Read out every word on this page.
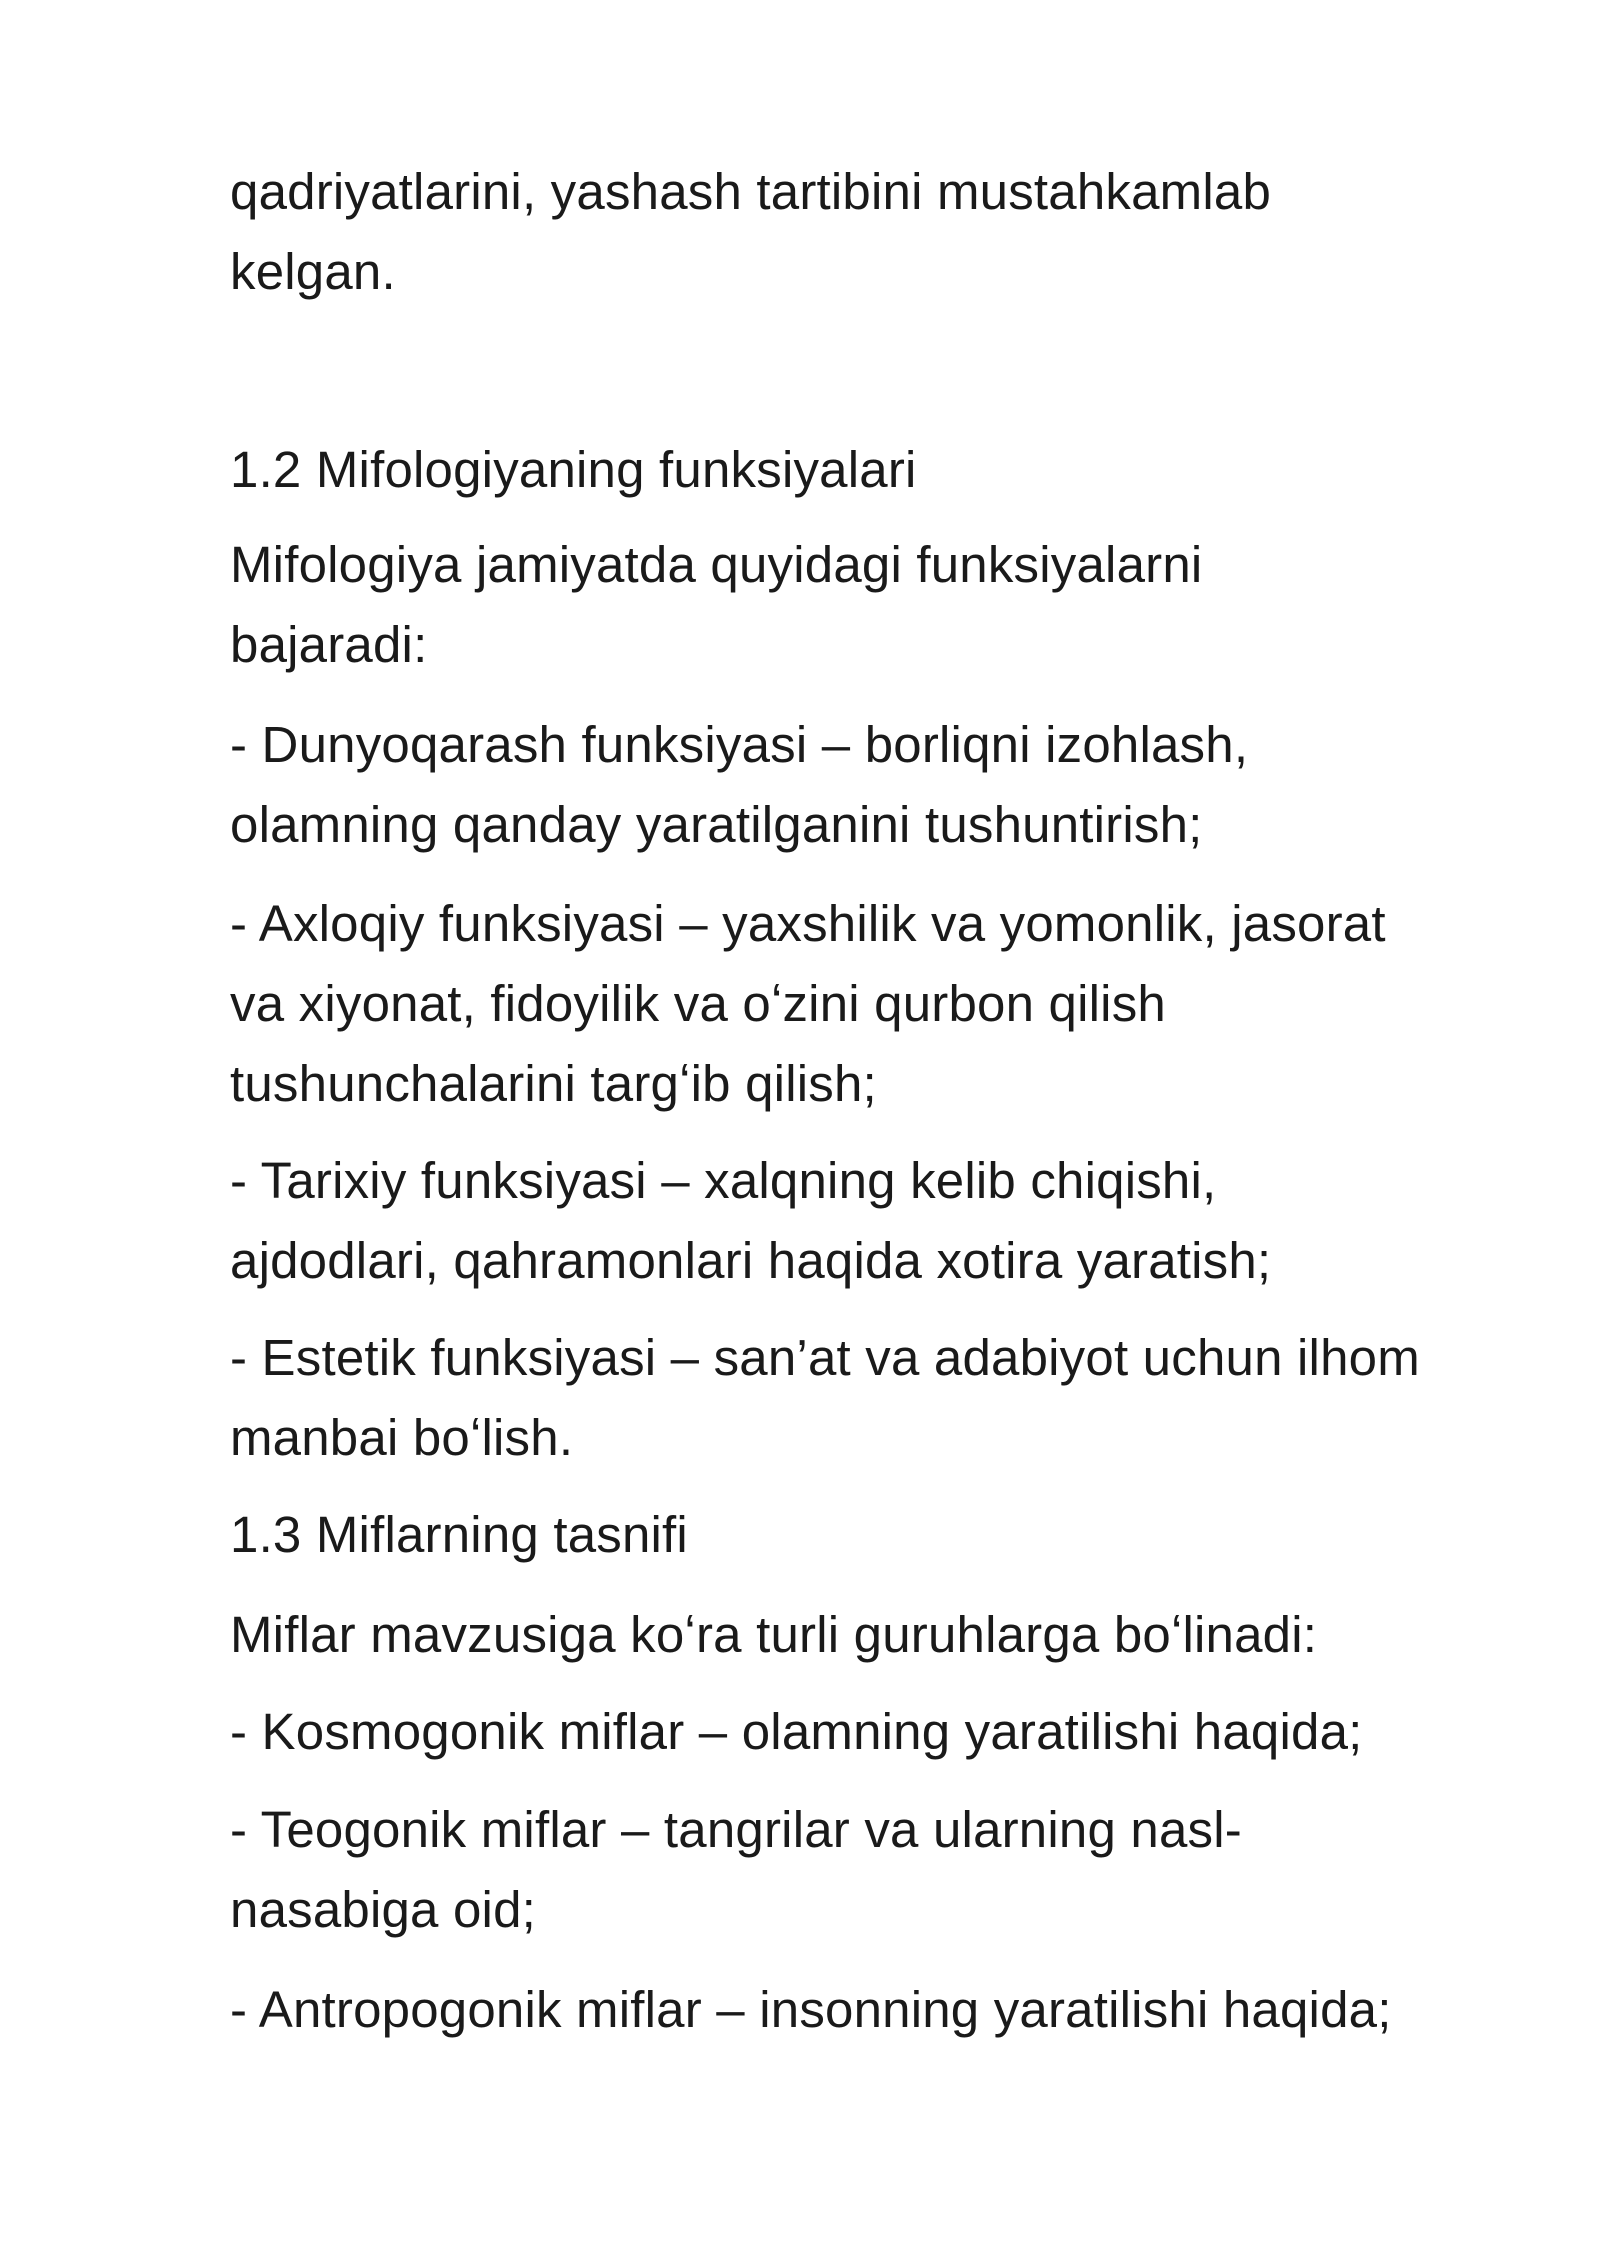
qadriyatlarini, yashash tartibini mustahkamlab
kelgan.
1.2 Mifologiyaning funksiyalari
Mifologiya jamiyatda quyidagi funksiyalarni
bajaradi:
- Dunyoqarash funksiyasi – borliqni izohlash,
olamning qanday yaratilganini tushuntirish;
- Axloqiy funksiyasi – yaxshilik va yomonlik, jasorat
va xiyonat, fidoyilik va oʻzini qurbon qilish
tushunchalarini targʻib qilish;
- Tarixiy funksiyasi – xalqning kelib chiqishi,
ajdodlari, qahramonlari haqida xotira yaratish;
- Estetik funksiyasi – san’at va adabiyot uchun ilhom
manbai boʻlish.
1.3 Miflarning tasnifi
Miflar mavzusiga koʻra turli guruhlarga boʻlinadi:
- Kosmogonik miflar – olamning yaratilishi haqida;
- Teogonik miflar – tangrilar va ularning nasl-
nasabiga oid;
- Antropogonik miflar – insonning yaratilishi haqida;
